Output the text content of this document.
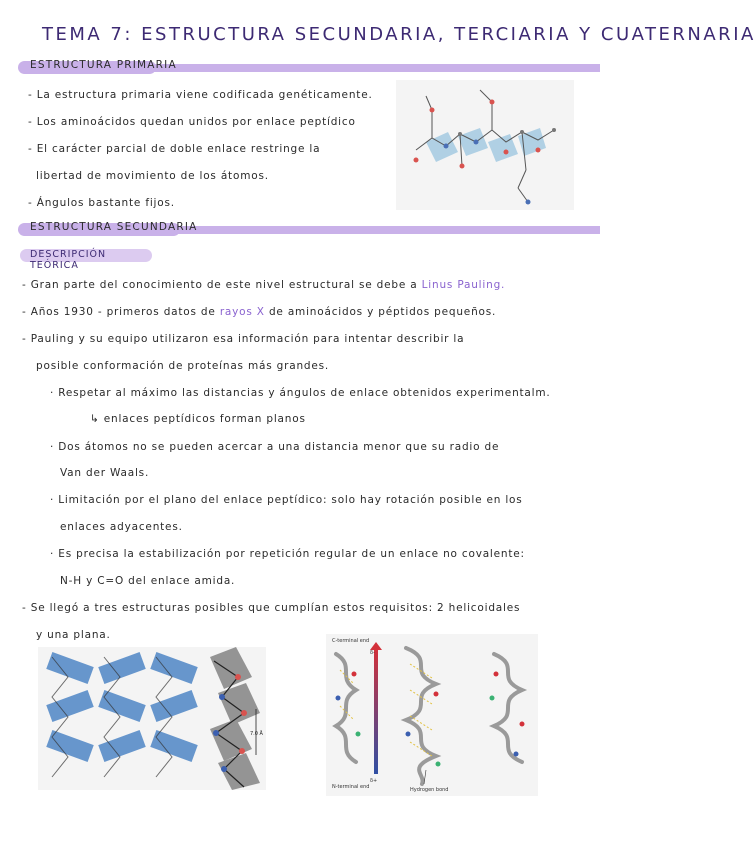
TEMA 7: ESTRUCTURA SECUNDARIA, TERCIARIA Y CUATERNARIA
ESTRUCTURA PRIMARIA
- La estructura primaria viene codificada genéticamente.
- Los aminoácidos quedan unidos por enlace peptídico
- El carácter parcial de doble enlace restringe la
libertad de movimiento de los átomos.
- Ángulos bastante fijos.
ESTRUCTURA SECUNDARIA
DESCRIPCIÓN TEÓRICA
- Gran parte del conocimiento de este nivel estructural se debe a Linus Pauling.
- Años 1930 - primeros datos de rayos X de aminoácidos y péptidos pequeños.
- Pauling y su equipo utilizaron esa información para intentar describir la
posible conformación de proteínas más grandes.
· Respetar al máximo las distancias y ángulos de enlace obtenidos experimentalm.
↳ enlaces peptídicos forman planos
· Dos átomos no se pueden acercar a una distancia menor que su radio de
Van der Waals.
· Limitación por el plano del enlace peptídico: solo hay rotación posible en los
enlaces adyacentes.
· Es precisa la estabilización por repetición regular de un enlace no covalente:
N-H y C=O del enlace amida.
- Se llegó a tres estructuras posibles que cumplían estos requisitos: 2 helicoidales
y una plana.
7.0 Å
C-terminal end
N-terminal end
δ-
δ+
Hydrogen bond
